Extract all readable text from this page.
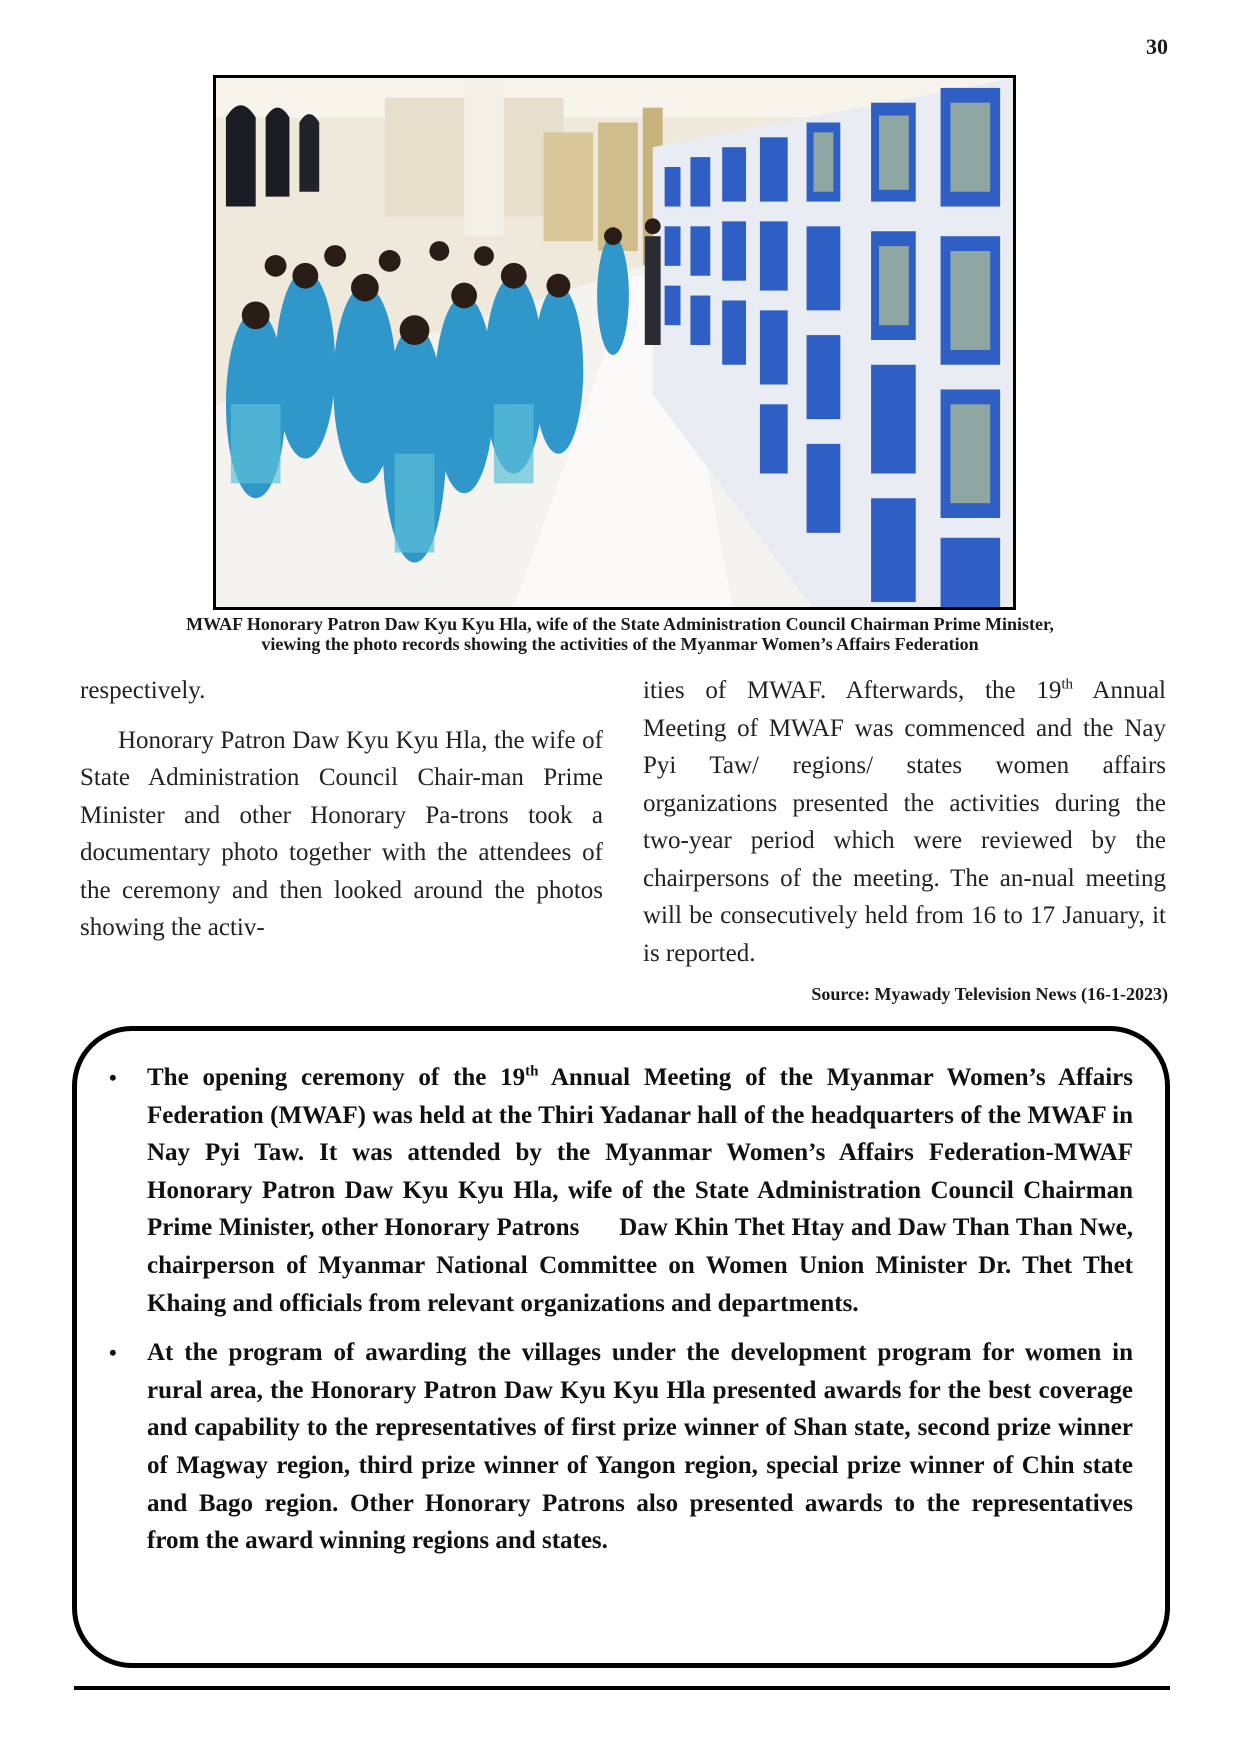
30
MWAF Honorary Patron Daw Kyu Kyu Hla, wife of the State Administration Council Chairman Prime Minister,
viewing the photo records showing the activities of the Myanmar Women’s Affairs Federation

respectively.

Honorary Patron Daw Kyu Kyu Hla, the wife of State Administration Council Chair-man Prime Minister and other Honorary Pa-trons took a documentary photo together with the attendees of the ceremony and then looked around the photos showing the activ-

ities of MWAF. Afterwards, the 19th Annual Meeting of MWAF was commenced and the Nay Pyi Taw/ regions/ states women affairs organizations presented the activities during the two-year period which were reviewed by the chairpersons of the meeting. The an-nual meeting will be consecutively held from 16 to 17 January, it is reported.

Source: Myawady Television News (16-1-2023)
• The opening ceremony of the 19th Annual Meeting of the Myanmar Women’s Affairs Federation (MWAF) was held at the Thiri Yadanar hall of the headquarters of the MWAF in Nay Pyi Taw. It was attended by the Myanmar Women’s Affairs Federation-MWAF Honorary Patron Daw Kyu Kyu Hla, wife of the State Administration Council Chairman Prime Minister, other Honorary Patrons      Daw Khin Thet Htay and Daw Than Than Nwe, chairperson of Myanmar National Committee on Women Union Minister Dr. Thet Thet Khaing and officials from relevant organizations and departments.
• At the program of awarding the villages under the development program for women in rural area, the Honorary Patron Daw Kyu Kyu Hla presented awards for the best coverage and capability to the representatives of first prize winner of Shan state, second prize winner of Magway region, third prize winner of Yangon region, special prize winner of Chin state and Bago region. Other Honorary Patrons also presented awards to the representatives from the award winning regions and states.
